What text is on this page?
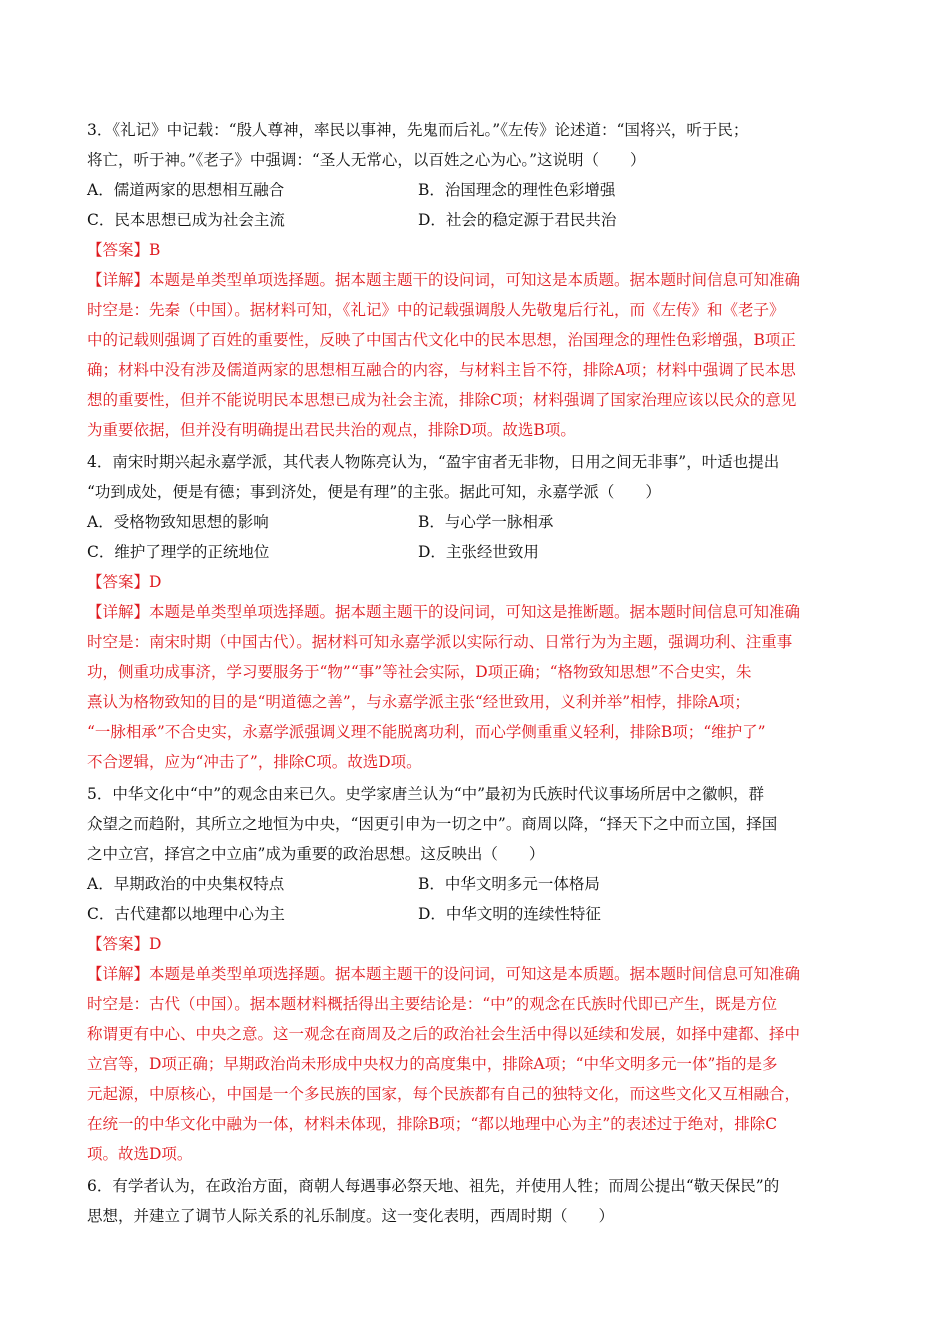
3．《礼记》中记载：“殷人尊神，率民以事神，先鬼而后礼。”《左传》论述道：“国将兴，听于民；
将亡，听于神。”《老子》中强调：“圣人无常心，以百姓之心为心。”这说明（　　）
A．儒道两家的思想相互融合	B．治国理念的理性色彩增强
C．民本思想已成为社会主流	D．社会的稳定源于君民共治
【答案】B
【详解】本题是单类型单项选择题。据本题主题干的设问词，可知这是本质题。据本题时间信息可知准确
时空是：先秦（中国）。据材料可知，《礼记》中的记载强调殷人先敬鬼后行礼，而《左传》和《老子》
中的记载则强调了百姓的重要性，反映了中国古代文化中的民本思想，治国理念的理性色彩增强，B项正
确；材料中没有涉及儒道两家的思想相互融合的内容，与材料主旨不符，排除A项；材料中强调了民本思
想的重要性，但并不能说明民本思想已成为社会主流，排除C项；材料强调了国家治理应该以民众的意见
为重要依据，但并没有明确提出君民共治的观点，排除D项。故选B项。
4．南宋时期兴起永嘉学派，其代表人物陈亮认为，“盈宇宙者无非物，日用之间无非事”，叶适也提出
“功到成处，便是有德；事到济处，便是有理”的主张。据此可知，永嘉学派（　　）
A．受格物致知思想的影响	B．与心学一脉相承
C．维护了理学的正统地位	D．主张经世致用
【答案】D
【详解】本题是单类型单项选择题。据本题主题干的设问词，可知这是推断题。据本题时间信息可知准确
时空是：南宋时期（中国古代）。据材料可知永嘉学派以实际行动、日常行为为主题，强调功利、注重事
功，侧重功成事济，学习要服务于“物”“事”等社会实际，D项正确；“格物致知思想”不合史实，朱
熹认为格物致知的目的是“明道德之善”，与永嘉学派主张“经世致用，义利并举”相悖，排除A项；
“一脉相承”不合史实，永嘉学派强调义理不能脱离功利，而心学侧重重义轻利，排除B项；“维护了”
不合逻辑，应为“冲击了”，排除C项。故选D项。
5．中华文化中“中”的观念由来已久。史学家唐兰认为“中”最初为氏族时代议事场所居中之徽帜，群
众望之而趋附，其所立之地恒为中央，“因更引申为一切之中”。商周以降，“择天下之中而立国，择国
之中立宫，择宫之中立庙”成为重要的政治思想。这反映出（　　）
A．早期政治的中央集权特点	B．中华文明多元一体格局
C．古代建都以地理中心为主	D．中华文明的连续性特征
【答案】D
【详解】本题是单类型单项选择题。据本题主题干的设问词，可知这是本质题。据本题时间信息可知准确
时空是：古代（中国）。据本题材料概括得出主要结论是：“中”的观念在氏族时代即已产生，既是方位
称谓更有中心、中央之意。这一观念在商周及之后的政治社会生活中得以延续和发展，如择中建都、择中
立宫等，D项正确；早期政治尚未形成中央权力的高度集中，排除A项；“中华文明多元一体”指的是多
元起源，中原核心，中国是一个多民族的国家，每个民族都有自己的独特文化，而这些文化又互相融合，
在统一的中华文化中融为一体，材料未体现，排除B项；“都以地理中心为主”的表述过于绝对，排除C
项。故选D项。
6．有学者认为，在政治方面，商朝人每遇事必祭天地、祖先，并使用人牲；而周公提出“敬天保民”的
思想，并建立了调节人际关系的礼乐制度。这一变化表明，西周时期（　　）
